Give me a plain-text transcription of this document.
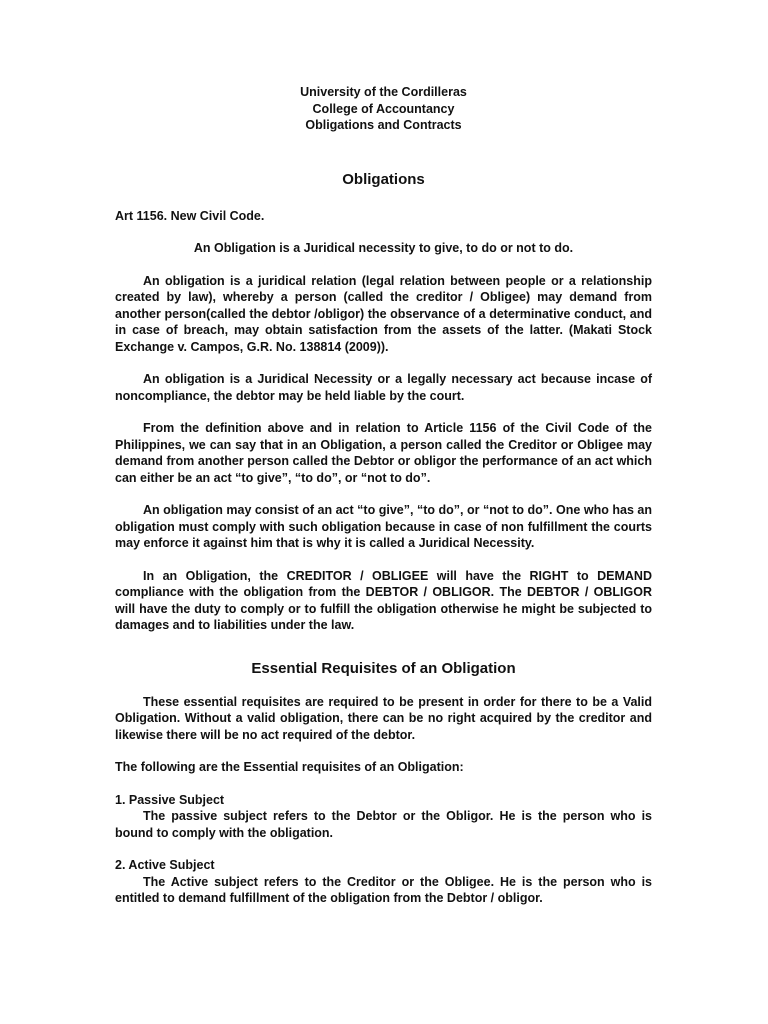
University of the Cordilleras
College of Accountancy
Obligations and Contracts
Obligations
Art 1156. New Civil Code.
An Obligation is a Juridical necessity to give, to do or not to do.

An obligation is a juridical relation (legal relation between people or a relationship created by law), whereby a person (called the creditor / Obligee) may demand from another person(called the debtor /obligor) the observance of a determinative conduct, and in case of breach, may obtain satisfaction from the assets of the latter. (Makati Stock Exchange v. Campos, G.R. No. 138814 (2009)).

An obligation is a Juridical Necessity or a legally necessary act because incase of noncompliance, the debtor may be held liable by the court.

From the definition above and in relation to Article 1156 of the Civil Code of the Philippines, we can say that in an Obligation, a person called the Creditor or Obligee may demand from another person called the Debtor or obligor the performance of an act which can either be an act “to give”, “to do”, or “not to do”.

An obligation may consist of an act “to give”, “to do”, or “not to do”. One who has an obligation must comply with such obligation because in case of non fulfillment the courts may enforce it against him that is why it is called a Juridical Necessity.

In an Obligation, the CREDITOR / OBLIGEE will have the RIGHT to DEMAND compliance with the obligation from the DEBTOR / OBLIGOR. The DEBTOR / OBLIGOR will have the duty to comply or to fulfill the obligation otherwise he might be subjected to damages and to liabilities under the law.

Essential Requisites of an Obligation

These essential requisites are required to be present in order for there to be a Valid Obligation. Without a valid obligation, there can be no right acquired by the creditor and likewise there will be no act required of the debtor.

The following are the Essential requisites of an Obligation:

1. Passive Subject
The passive subject refers to the Debtor or the Obligor. He is the person who is bound to comply with the obligation.
2. Active Subject
The Active subject refers to the Creditor or the Obligee. He is the person who is entitled to demand fulfillment of the obligation from the Debtor / obligor.
